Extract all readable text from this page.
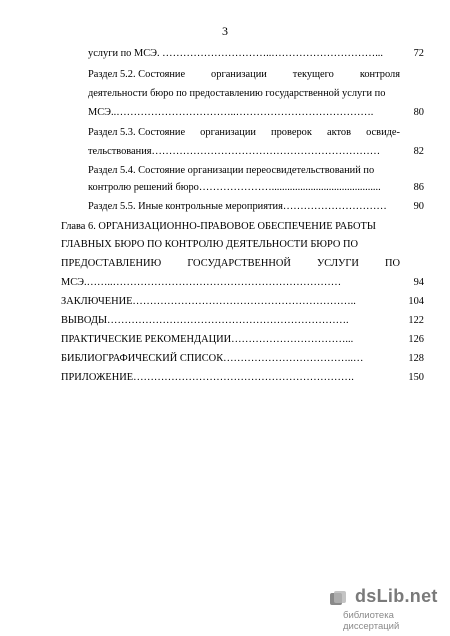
3
услуги по МСЭ. …………………………..…………………………...	72
Раздел 5.2. Состояние организации текущего контроля
деятельности бюро по предоставлению государственной услуги по
МСЭ..……………………………..………………………………….	80
Раздел 5.3. Состояние организации проверок актов освиде-
тельствования…………………………………………………………	82
Раздел 5.4. Состояние организации переосвидетельствований по
контролю решений бюро…………………..........................................	86
Раздел 5.5. Иные контрольные мероприятия…………………………	90
Глава 6. ОРГАНИЗАЦИОННО-ПРАВОВОЕ ОБЕСПЕЧЕНИЕ РАБОТЫ
ГЛАВНЫХ БЮРО ПО КОНТРОЛЮ ДЕЯТЕЛЬНОСТИ БЮРО ПО
ПРЕДОСТАВЛЕНИЮ	ГОСУДАРСТВЕННОЙ	УСЛУГИ	ПО
МСЭ.……..…………………………………………………………	94
ЗАКЛЮЧЕНИЕ………………………………………………………..	104
ВЫВОДЫ…………………………………………………………….	122
ПРАКТИЧЕСКИЕ РЕКОМЕНДАЦИИ……………………………...	126
БИБЛИОГРАФИЧЕСКИЙ СПИСОК………………………………..…	128
ПРИЛОЖЕНИЕ……………………………………………………….	150
dsLib.net
библиотека диссертаций
